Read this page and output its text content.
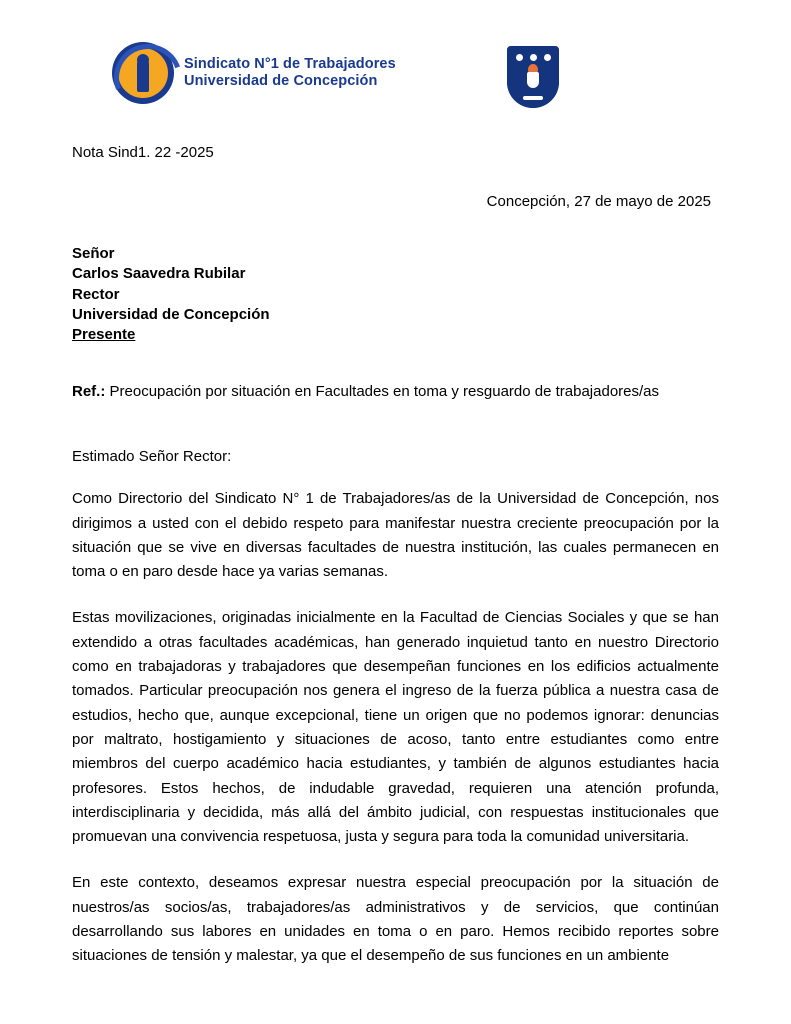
Sindicato N°1 de Trabajadores
Universidad de Concepción
Nota Sind1. 22 -2025
Concepción, 27 de mayo de 2025
Señor
Carlos Saavedra Rubilar
Rector
Universidad de Concepción
Presente
Ref.: Preocupación por situación en Facultades en toma y resguardo de trabajadores/as
Estimado Señor Rector:

Como Directorio del Sindicato N° 1 de Trabajadores/as de la Universidad de Concepción, nos dirigimos a usted con el debido respeto para manifestar nuestra creciente preocupación por la situación que se vive en diversas facultades de nuestra institución, las cuales permanecen en toma o en paro desde hace ya varias semanas.

Estas movilizaciones, originadas inicialmente en la Facultad de Ciencias Sociales y que se han extendido a otras facultades académicas, han generado inquietud tanto en nuestro Directorio como en trabajadoras y trabajadores que desempeñan funciones en los edificios actualmente tomados. Particular preocupación nos genera el ingreso de la fuerza pública a nuestra casa de estudios, hecho que, aunque excepcional, tiene un origen que no podemos ignorar: denuncias por maltrato, hostigamiento y situaciones de acoso, tanto entre estudiantes como entre miembros del cuerpo académico hacia estudiantes, y también de algunos estudiantes hacia profesores. Estos hechos, de indudable gravedad, requieren una atención profunda, interdisciplinaria y decidida, más allá del ámbito judicial, con respuestas institucionales que promuevan una convivencia respetuosa, justa y segura para toda la comunidad universitaria.

En este contexto, deseamos expresar nuestra especial preocupación por la situación de nuestros/as socios/as, trabajadores/as administrativos y de servicios, que continúan desarrollando sus labores en unidades en toma o en paro. Hemos recibido reportes sobre situaciones de tensión y malestar, ya que el desempeño de sus funciones en un ambiente
